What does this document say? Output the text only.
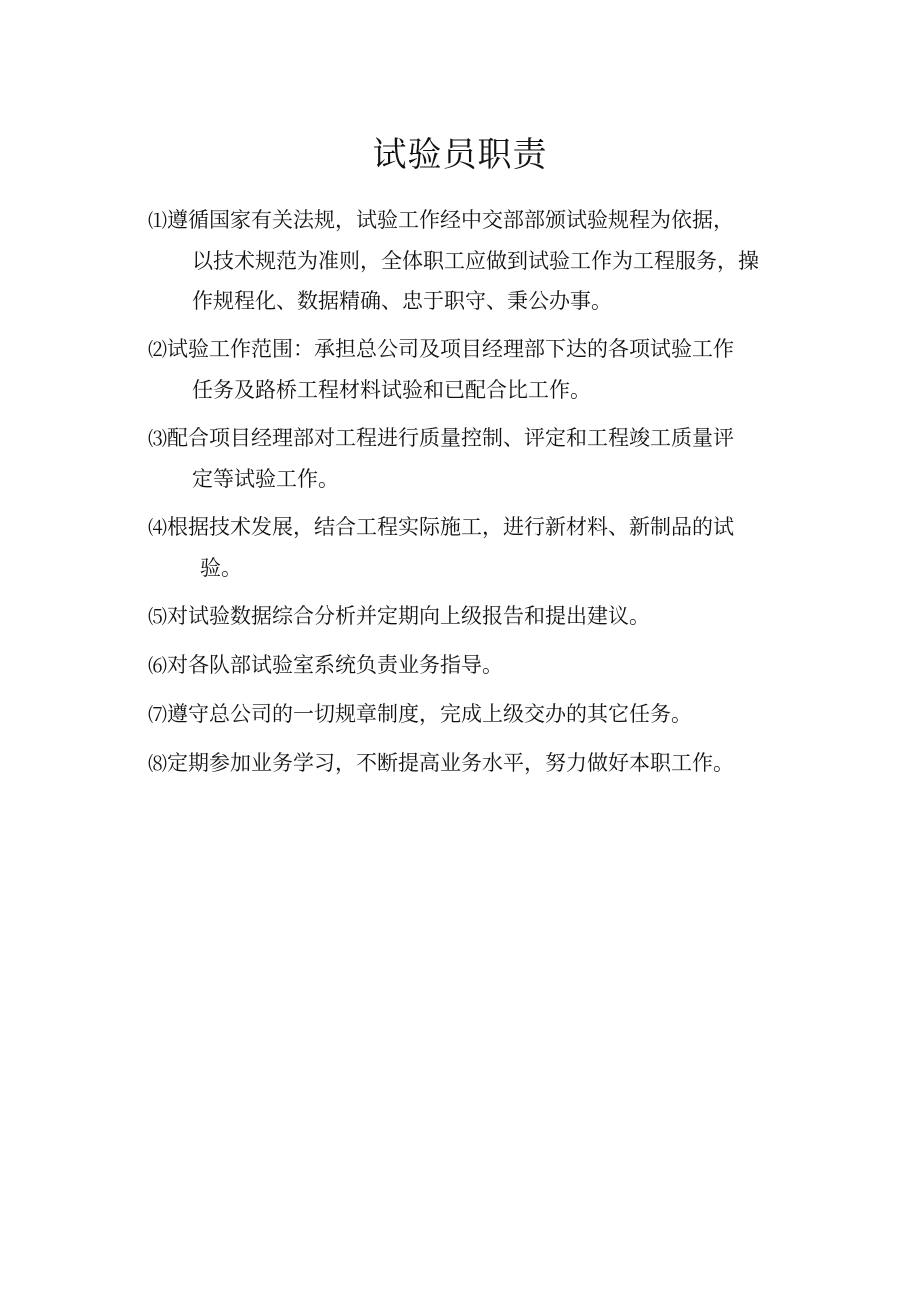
试验员职责
⑴遵循国家有关法规，试验工作经中交部部颁试验规程为依据，
以技术规范为准则，全体职工应做到试验工作为工程服务，操
作规程化、数据精确、忠于职守、秉公办事。
⑵试验工作范围：承担总公司及项目经理部下达的各项试验工作
任务及路桥工程材料试验和已配合比工作。
⑶配合项目经理部对工程进行质量控制、评定和工程竣工质量评
定等试验工作。
⑷根据技术发展，结合工程实际施工，进行新材料、新制品的试
验。
⑸对试验数据综合分析并定期向上级报告和提出建议。
⑹对各队部试验室系统负责业务指导。
⑺遵守总公司的一切规章制度，完成上级交办的其它任务。
⑻定期参加业务学习，不断提高业务水平，努力做好本职工作。
